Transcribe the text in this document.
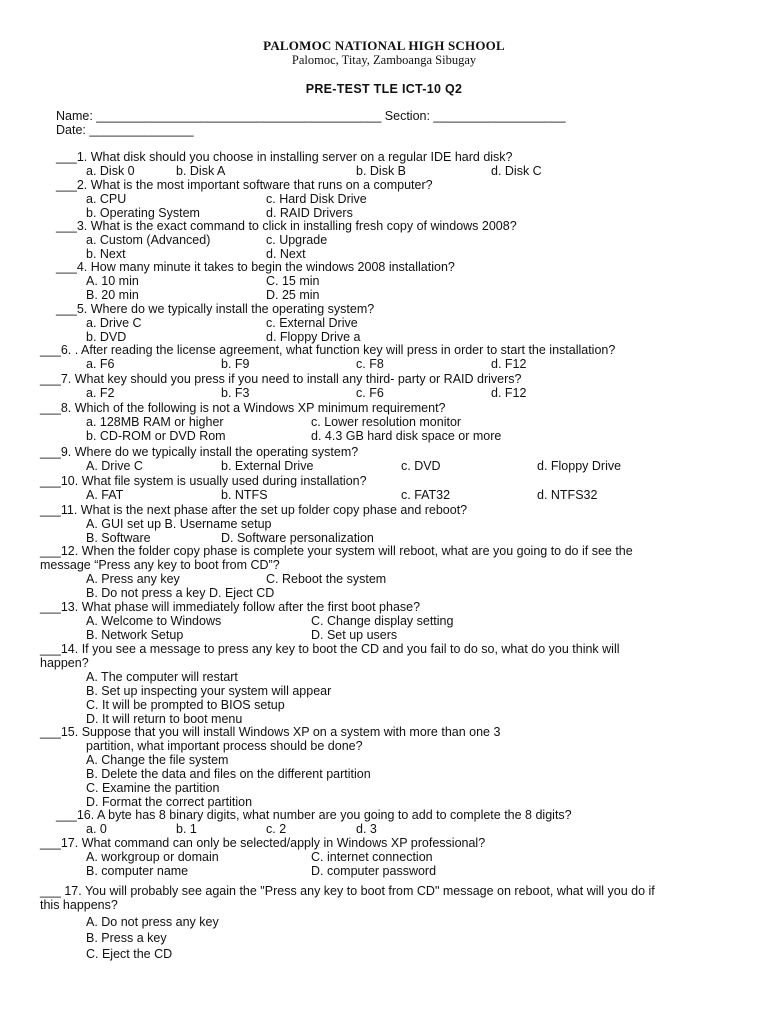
PALOMOC NATIONAL HIGH SCHOOL
Palomoc, Titay, Zamboanga Sibugay
PRE-TEST TLE ICT-10 Q2
Name: _________________________________________ Section: ___________________
Date: _______________
___1. What disk should you choose in installing server on a regular IDE hard disk?
a. Disk 0	b. Disk A	b. Disk B	d. Disk C
___2. What is the most important software that runs on a computer?
a. CPU	c. Hard Disk Drive
b. Operating System	d. RAID Drivers
___3. What is the exact command to click in installing fresh copy of windows 2008?
a. Custom (Advanced)	c. Upgrade
b. Next	d. Next
___4. How many minute it takes to begin the windows 2008 installation?
A. 10 min	C. 15 min
B. 20 min	D. 25 min
___5. Where do we typically install the operating system?
a. Drive C	c. External Drive
b. DVD	d. Floppy Drive a
___6. . After reading the license agreement, what function key will press in order to start the installation?
a. F6	b. F9	c. F8	d. F12
___7. What key should you press if you need to install any third- party or RAID drivers?
a. F2	b. F3	c. F6	d. F12
___8. Which of the following is not a Windows XP minimum requirement?
a. 128MB RAM or higher	c. Lower resolution monitor
b. CD-ROM or DVD Rom	d. 4.3 GB hard disk space or more
___9. Where do we typically install the operating system?
A. Drive C	b. External Drive	c. DVD	d. Floppy Drive
___10. What file system is usually used during installation?
A. FAT	b. NTFS	c. FAT32	d. NTFS32
___11. What is the next phase after the set up folder copy phase and reboot?
A. GUI set up B. Username setup
B. Software	D. Software personalization
___12. When the folder copy phase is complete your system will reboot, what are you going to do if see the
message “Press any key to boot from CD”?
A. Press any key	C. Reboot the system
B. Do not press a key D. Eject CD
___13. What phase will immediately follow after the first boot phase?
A. Welcome to Windows	C. Change display setting
B. Network Setup	D. Set up users
___14. If you see a message to press any key to boot the CD and you fail to do so, what do you think will
happen?
A. The computer will restart
B. Set up inspecting your system will appear
C. It will be prompted to BIOS setup
D. It will return to boot menu
___15. Suppose that you will install Windows XP on a system with more than one 3
partition, what important process should be done?
A. Change the file system
B. Delete the data and files on the different partition
C. Examine the partition
D. Format the correct partition
___16. A byte has 8 binary digits, what number are you going to add to complete the 8 digits?
a. 0	b. 1	c. 2	d. 3
___17. What command can only be selected/apply in Windows XP professional?
A. workgroup or domain	C. internet connection
B. computer name	D. computer password
___ 17. You will probably see again the "Press any key to boot from CD" message on reboot, what will you do if
this happens?
A. Do not press any key
B. Press a key
C. Eject the CD
